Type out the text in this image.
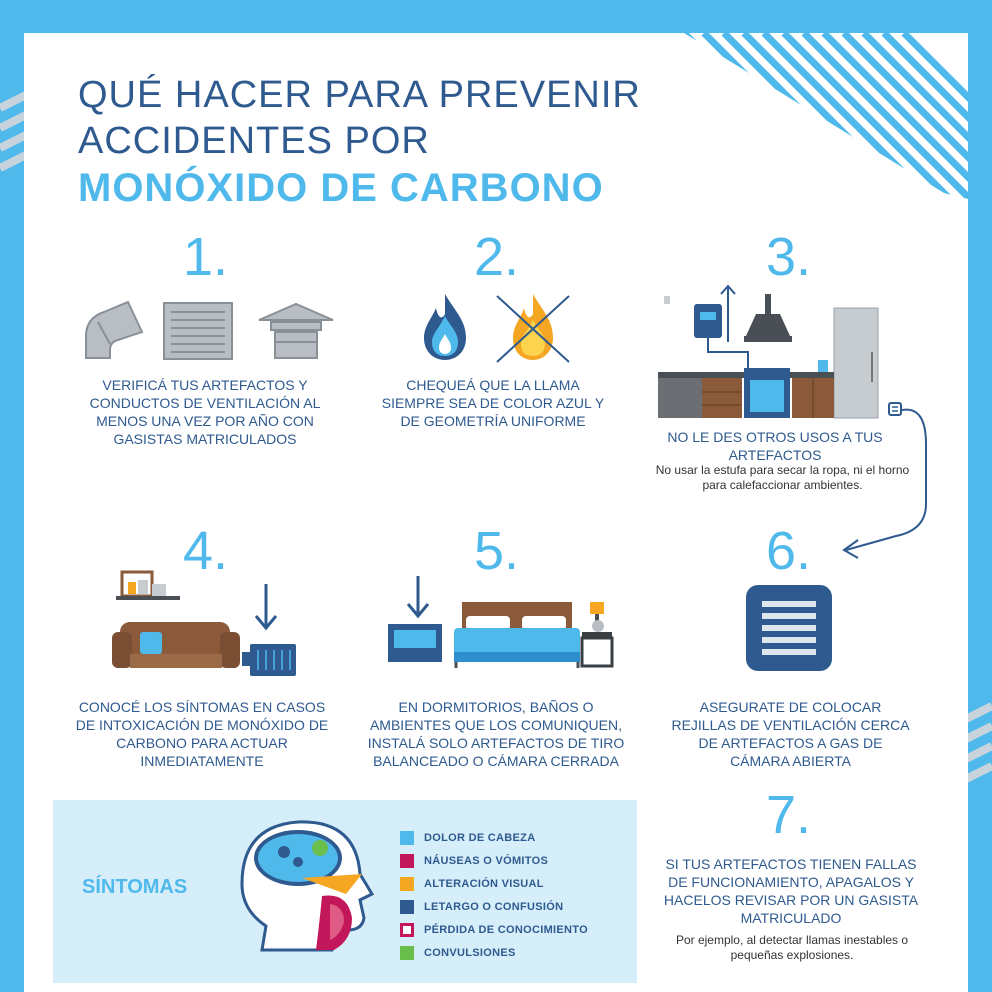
QUÉ HACER PARA PREVENIR
ACCIDENTES POR
MONÓXIDO DE CARBONO
1.
VERIFICÁ TUS ARTEFACTOS Y CONDUCTOS DE VENTILACIÓN AL MENOS UNA VEZ POR AÑO CON GASISTAS MATRICULADOS
2.
CHEQUEÁ QUE LA LLAMA SIEMPRE SEA DE COLOR AZUL Y DE GEOMETRÍA UNIFORME
3.
NO LE DES OTROS USOS A TUS ARTEFACTOS
No usar la estufa para secar la ropa, ni el horno para calefaccionar ambientes.
4.
CONOCÉ LOS SÍNTOMAS EN CASOS DE INTOXICACIÓN DE MONÓXIDO DE CARBONO PARA ACTUAR INMEDIATAMENTE
5.
EN DORMITORIOS, BAÑOS O AMBIENTES QUE LOS COMUNIQUEN, INSTALÁ SOLO ARTEFACTOS DE TIRO BALANCEADO O CÁMARA CERRADA
6.
ASEGURATE DE COLOCAR REJILLAS DE VENTILACIÓN CERCA DE ARTEFACTOS A GAS DE CÁMARA ABIERTA
7.
SI TUS ARTEFACTOS TIENEN FALLAS DE FUNCIONAMIENTO, APAGALOS Y HACELOS REVISAR POR UN GASISTA MATRICULADO
Por ejemplo, al detectar llamas inestables o pequeñas explosiones.
SÍNTOMAS
DOLOR DE CABEZA
NÁUSEAS O VÓMITOS
ALTERACIÓN VISUAL
LETARGO O CONFUSIÓN
PÉRDIDA DE CONOCIMIENTO
CONVULSIONES
